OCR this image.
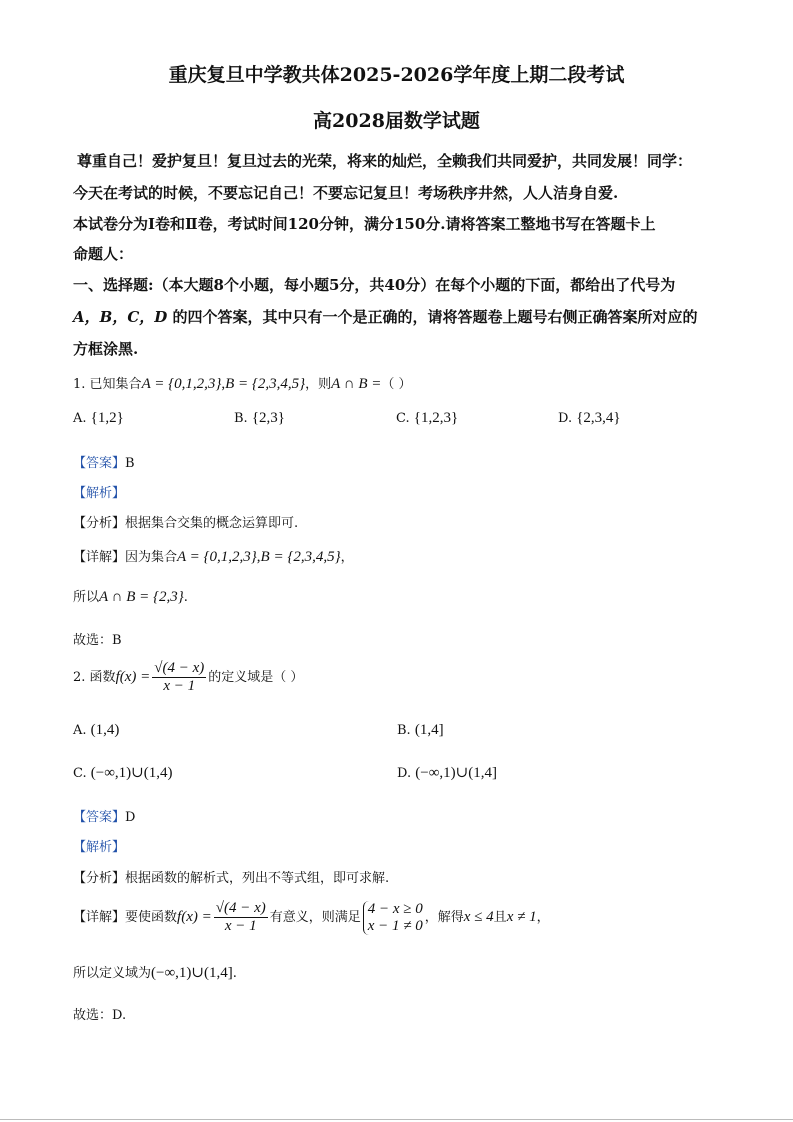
重庆复旦中学教共体2025-2026学年度上期二段考试
高2028届数学试题
尊重自己！爱护复旦！复旦过去的光荣，将来的灿烂，全赖我们共同爱护，共同发展！同学：
今天在考试的时候，不要忘记自己！不要忘记复旦！考场秩序井然，人人洁身自爱.
本试卷分为Ⅰ卷和Ⅱ卷，考试时间120分钟，满分150分.请将答案工整地书写在答题卡上
命题人：
一、选择题:（本大题8个小题，每小题5分，共40分）在每个小题的下面，都给出了代号为
A，B，C，D 的四个答案，其中只有一个是正确的，请将答题卷上题号右侧正确答案所对应的
方框涂黑.
1. 已知集合A = {0,1,2,3},B = {2,3,4,5}，则A ∩ B =（ ）
A. {1,2}	B. {2,3}	C. {1,2,3}	D. {2,3,4}
【答案】B
【解析】
【分析】根据集合交集的概念运算即可.
【详解】因为集合A = {0,1,2,3},B = {2,3,4,5}，
所以A ∩ B = {2,3}.
故选：B
2. 函数$f(x) = \frac{√(4 - x)}{x - 1}$ 的定义域是（ ）
A. (1,4)	B. (1,4]
C. (−∞,1)∪(1,4)	D. (−∞,1)∪(1,4]
【答案】D
【解析】
【分析】根据函数的解析式，列出不等式组，即可求解.
【详解】要使函数$f(x) = \frac{√(4 - x)}{x - 1}$ 有意义，则满足
4 − x ≥ 0
x − 1 ≠ 0 ，解得x ≤ 4且x ≠ 1，
所以定义域为(−∞,1)∪(1,4].
故选：D.
